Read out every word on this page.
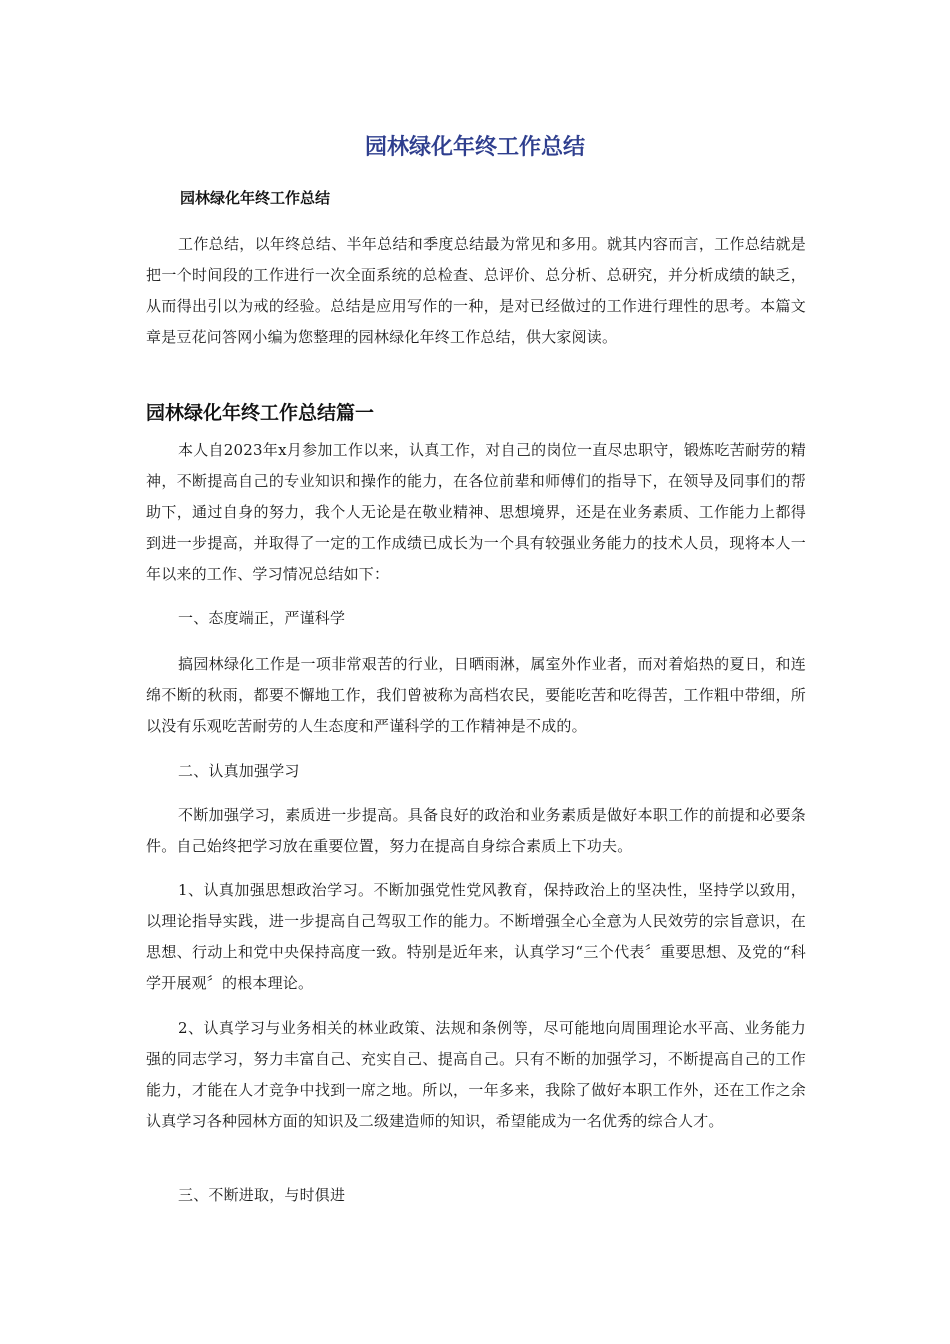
园林绿化年终工作总结
园林绿化年终工作总结

工作总结，以年终总结、半年总结和季度总结最为常见和多用。就其内容而言，工作总结就是把一个时间段的工作进行一次全面系统的总检查、总评价、总分析、总研究，并分析成绩的缺乏，从而得出引以为戒的经验。总结是应用写作的一种，是对已经做过的工作进行理性的思考。本篇文章是豆花问答网小编为您整理的园林绿化年终工作总结，供大家阅读。

园林绿化年终工作总结篇一

本人自2023年x月参加工作以来，认真工作，对自己的岗位一直尽忠职守，锻炼吃苦耐劳的精神，不断提高自己的专业知识和操作的能力，在各位前辈和师傅们的指导下，在领导及同事们的帮助下，通过自身的努力，我个人无论是在敬业精神、思想境界，还是在业务素质、工作能力上都得到进一步提高，并取得了一定的工作成绩已成长为一个具有较强业务能力的技术人员，现将本人一年以来的工作、学习情况总结如下：

一、态度端正，严谨科学

搞园林绿化工作是一项非常艰苦的行业，日晒雨淋，属室外作业者，而对着焰热的夏日，和连绵不断的秋雨，都要不懈地工作，我们曾被称为高档农民，要能吃苦和吃得苦，工作粗中带细，所以没有乐观吃苦耐劳的人生态度和严谨科学的工作精神是不成的。

二、认真加强学习

不断加强学习，素质进一步提高。具备良好的政治和业务素质是做好本职工作的前提和必要条件。自己始终把学习放在重要位置，努力在提高自身综合素质上下功夫。

1、认真加强思想政治学习。不断加强党性党风教育，保持政治上的坚决性，坚持学以致用，以理论指导实践，进一步提高自己驾驭工作的能力。不断增强全心全意为人民效劳的宗旨意识，在思想、行动上和党中央保持高度一致。特别是近年来，认真学习“三个代表〞重要思想、及党的“科学开展观〞的根本理论。

2、认真学习与业务相关的林业政策、法规和条例等，尽可能地向周围理论水平高、业务能力强的同志学习，努力丰富自己、充实自己、提高自己。只有不断的加强学习，不断提高自己的工作能力，才能在人才竞争中找到一席之地。所以，一年多来，我除了做好本职工作外，还在工作之余认真学习各种园林方面的知识及二级建造师的知识，希望能成为一名优秀的综合人才。

三、不断进取，与时俱进
